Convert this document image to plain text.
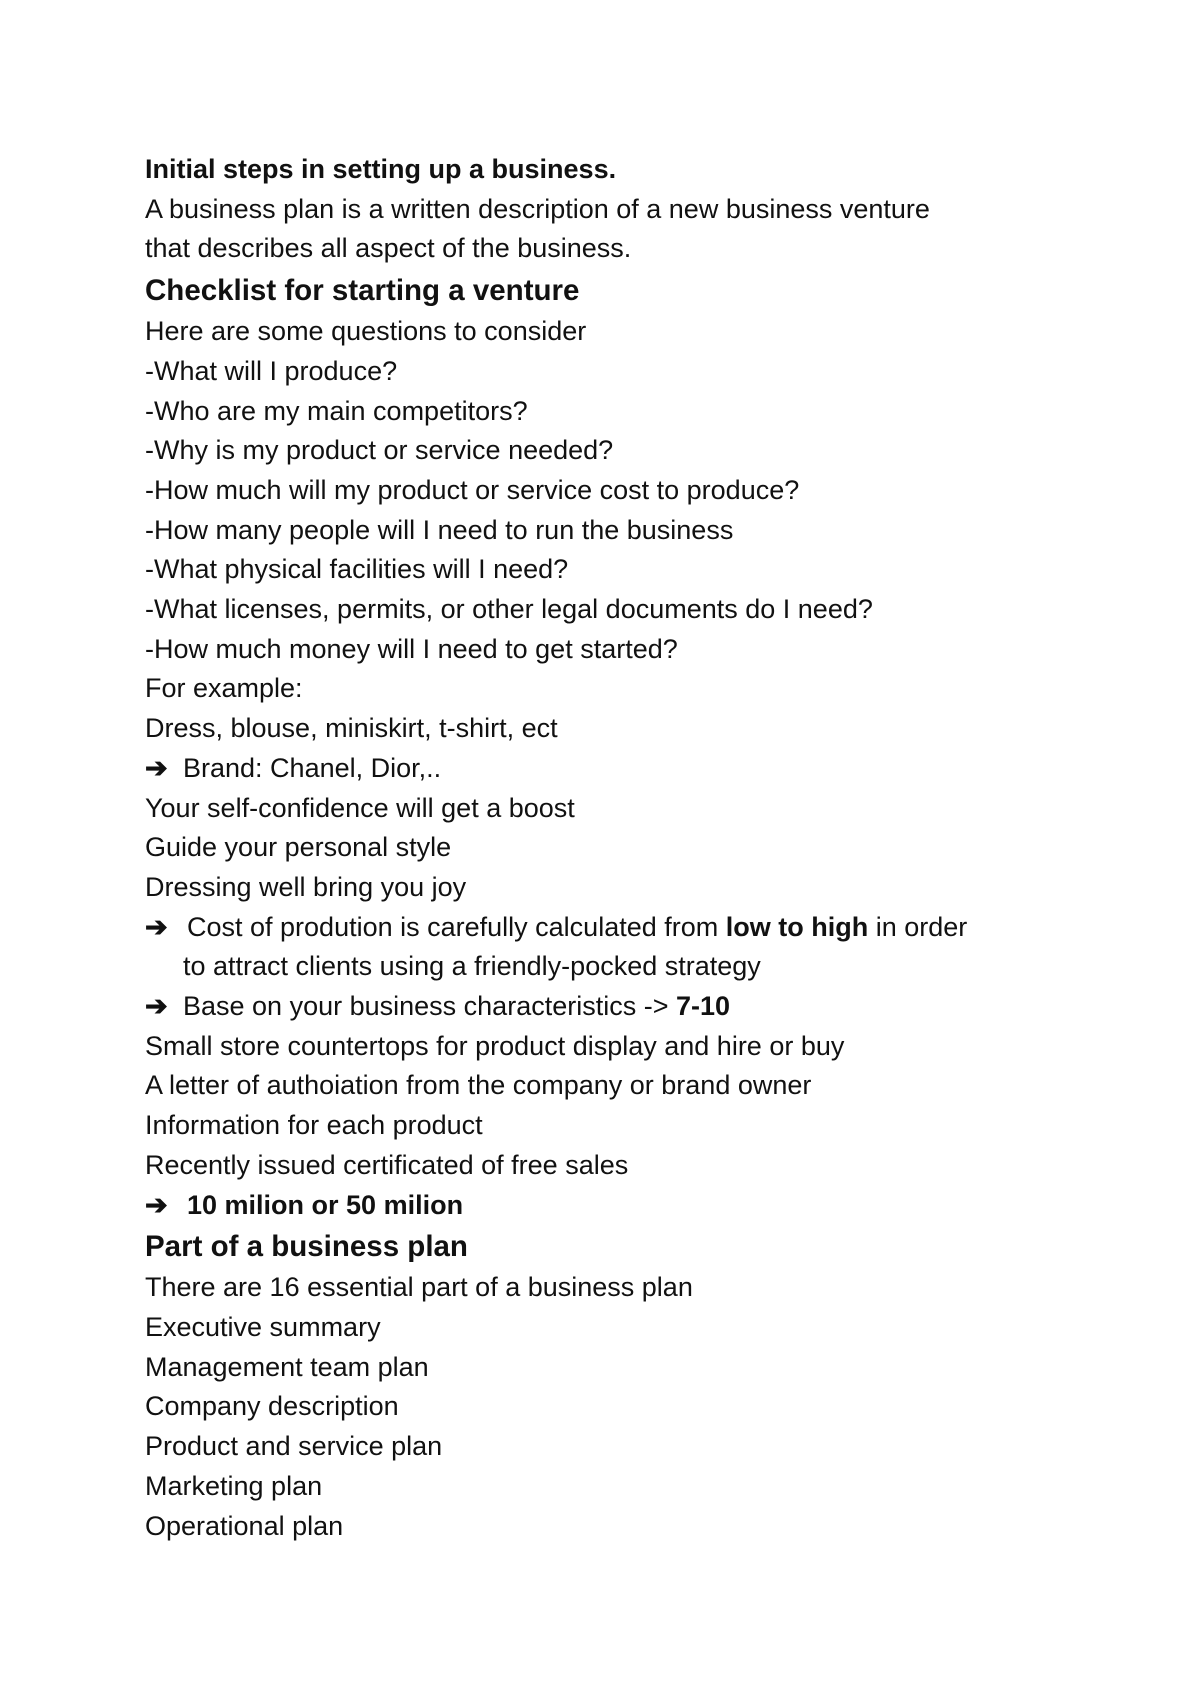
Initial steps in setting up a business.

A business plan is a written description of a new business venture

that describes all aspect of the business.

Checklist for starting a venture

Here are some questions to consider

-What will I produce?

-Who are my main competitors?

-Why is my product or service needed?

-How much will my product or service cost to produce?

-How many people will I need to run the business

-What physical facilities will I need?

-What licenses, permits, or other legal documents do I need?

-How much money will I need to get started?

For example:

Dress, blouse, miniskirt, t-shirt, ect

➔ Brand: Chanel, Dior,..

Your self-confidence will get a boost

Guide your personal style

Dressing well bring you joy

➔ Cost of prodution is carefully calculated from low to high in order

to attract clients using a friendly-pocked strategy

➔ Base on your business characteristics -> 7-10

Small store countertops for product display and hire or buy

A letter of authoiation from the company or brand owner

Information for each product

Recently issued certificated of free sales

➔ 10 milion or 50 milion

Part of a business plan

There are 16 essential part of a business plan

Executive summary

Management team plan

Company description

Product and service plan

Marketing plan

Operational plan
